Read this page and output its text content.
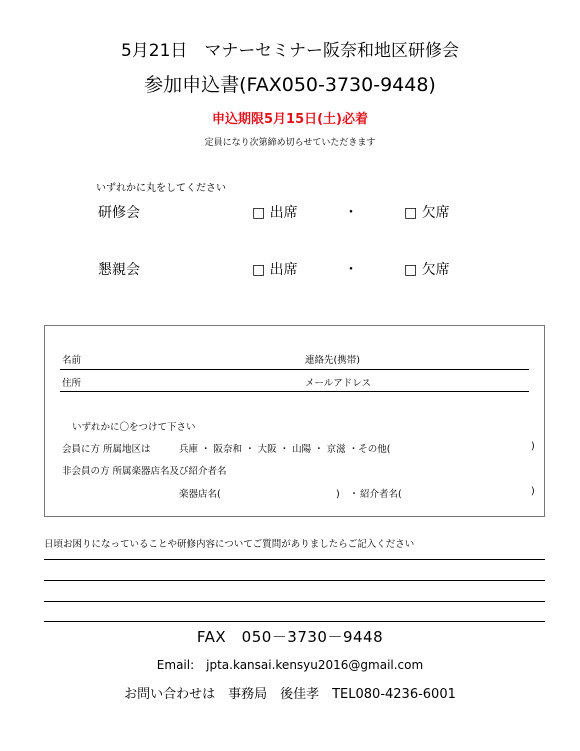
5月21日　マナーセミナー阪奈和地区研修会
参加申込書(FAX050-3730-9448)
申込期限5月15日(土)必着
定員になり次第締め切らせていただきます
いずれかに丸をしてください
研修会	□ 出席	・	□ 欠席
懇親会	□ 出席	・	□ 欠席
名前	連絡先(携帯)
住所	メールアドレス
いずれかに〇をつけて下さい
会員に方 所属地区は　　　兵庫 ・ 阪奈和 ・ 大阪 ・ 山陽 ・ 京滋 ・その他(	)
非会員の方 所属楽器店名及び紹介者名
楽器店名(	)　・ 紹介者名(	)
日頃お困りになっていることや研修内容についてご質問がありましたらご記入ください
FAX　050－3730－9448
Email:　jpta.kansai.kensyu2016@gmail.com
お問い合わせは　事務局　後佳孝　TEL080-4236-6001
